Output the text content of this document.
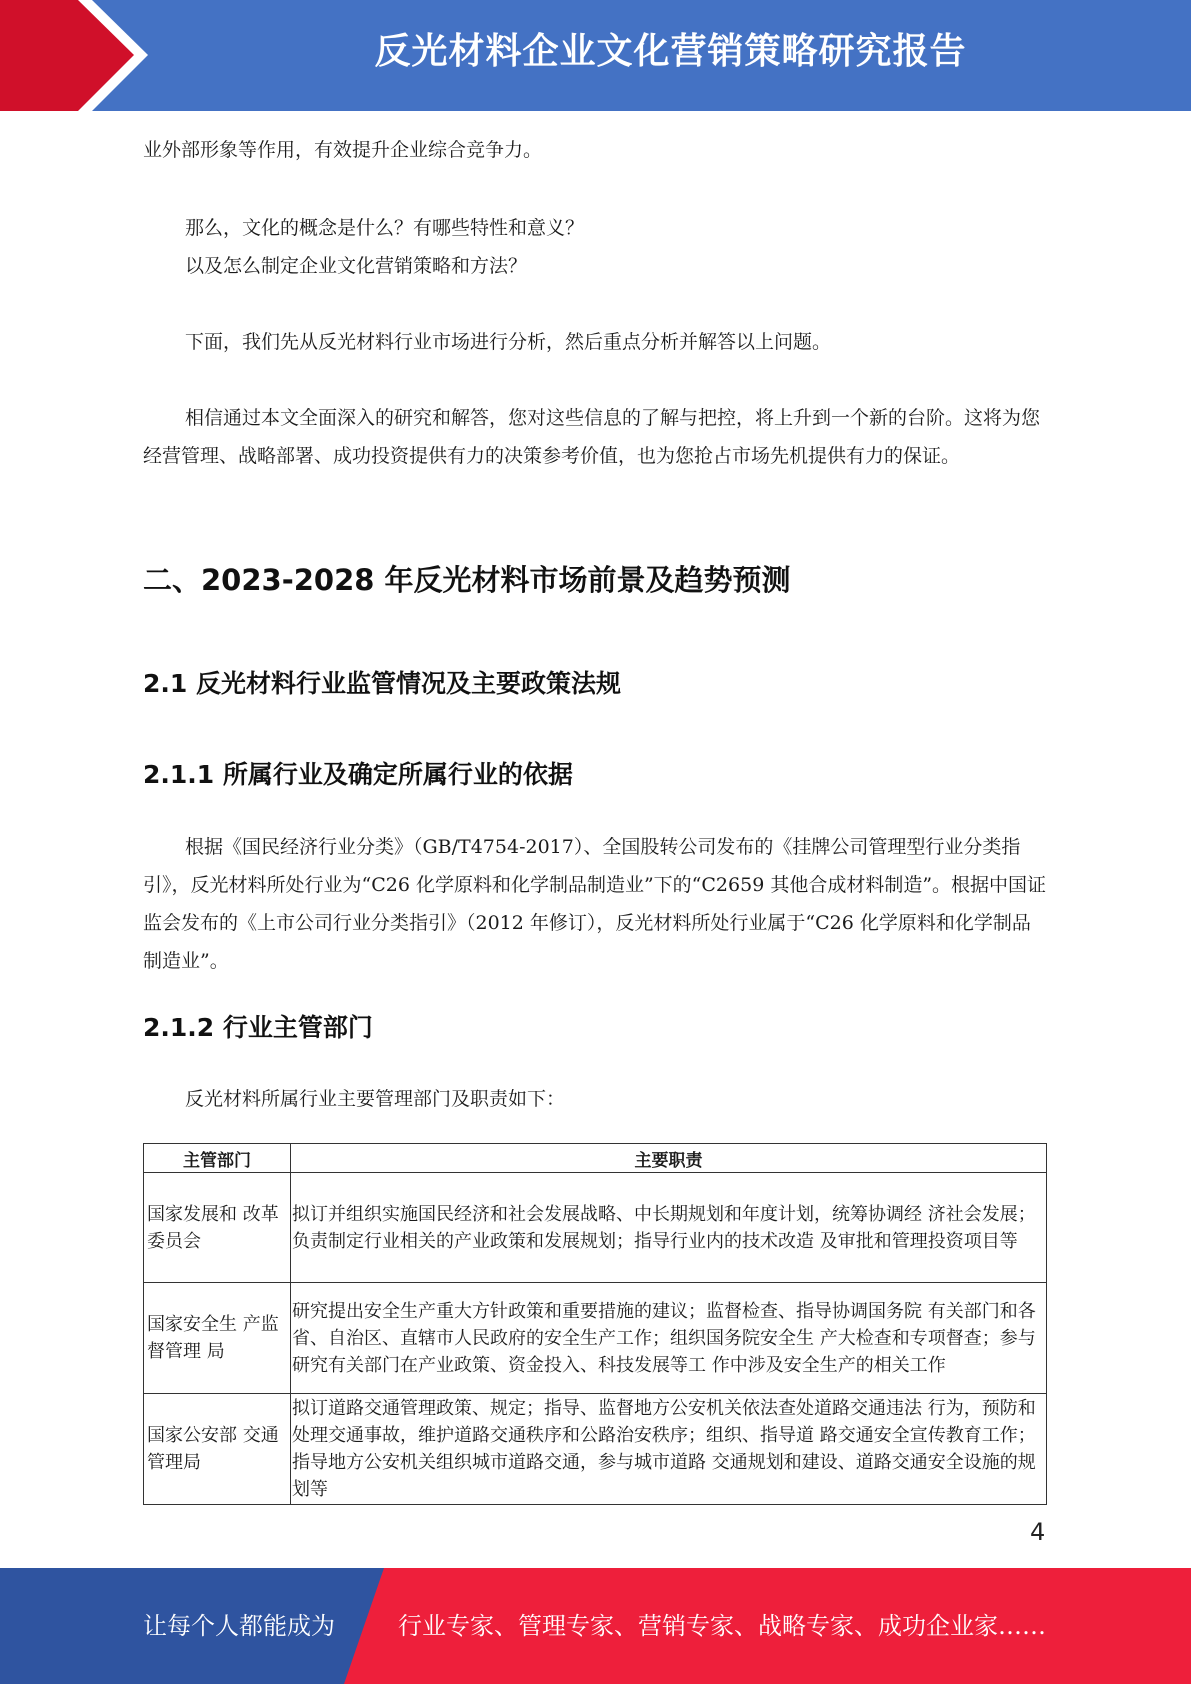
反光材料企业文化营销策略研究报告

业外部形象等作用，有效提升企业综合竞争力。

那么，文化的概念是什么？有哪些特性和意义？

以及怎么制定企业文化营销策略和方法？

下面，我们先从反光材料行业市场进行分析，然后重点分析并解答以上问题。

相信通过本文全面深入的研究和解答，您对这些信息的了解与把控，将上升到一个新的台阶。这将为您经营管理、战略部署、成功投资提供有力的决策参考价值，也为您抢占市场先机提供有力的保证。

二、2023-2028 年反光材料市场前景及趋势预测
2.1 反光材料行业监管情况及主要政策法规
2.1.1 所属行业及确定所属行业的依据

根据《国民经济行业分类》（GB/T4754-2017）、全国股转公司发布的《挂牌公司管理型行业分类指引》，反光材料所处行业为“C26 化学原料和化学制品制造业”下的“C2659 其他合成材料制造”。根据中国证监会发布的《上市公司行业分类指引》（2012 年修订），反光材料所处行业属于“C26 化学原料和化学制品制造业”。

2.1.2 行业主管部门

反光材料所属行业主要管理部门及职责如下：

主管部门	主要职责
国家发展和 改革委员会	拟订并组织实施国民经济和社会发展战略、中长期规划和年度计划，统筹协调经 济社会发展；负责制定行业相关的产业政策和发展规划；指导行业内的技术改造 及审批和管理投资项目等
国家安全生 产监督管理 局	研究提出安全生产重大方针政策和重要措施的建议；监督检查、指导协调国务院 有关部门和各省、自治区、直辖市人民政府的安全生产工作；组织国务院安全生 产大检查和专项督查；参与研究有关部门在产业政策、资金投入、科技发展等工 作中涉及安全生产的相关工作
国家公安部 交通管理局	拟订道路交通管理政策、规定；指导、监督地方公安机关依法查处道路交通违法 行为，预防和处理交通事故，维护道路交通秩序和公路治安秩序；组织、指导道 路交通安全宣传教育工作；指导地方公安机关组织城市道路交通，参与城市道路 交通规划和建设、道路交通安全设施的规划等
4
让每个人都能成为	行业专家、管理专家、营销专家、战略专家、成功企业家……
